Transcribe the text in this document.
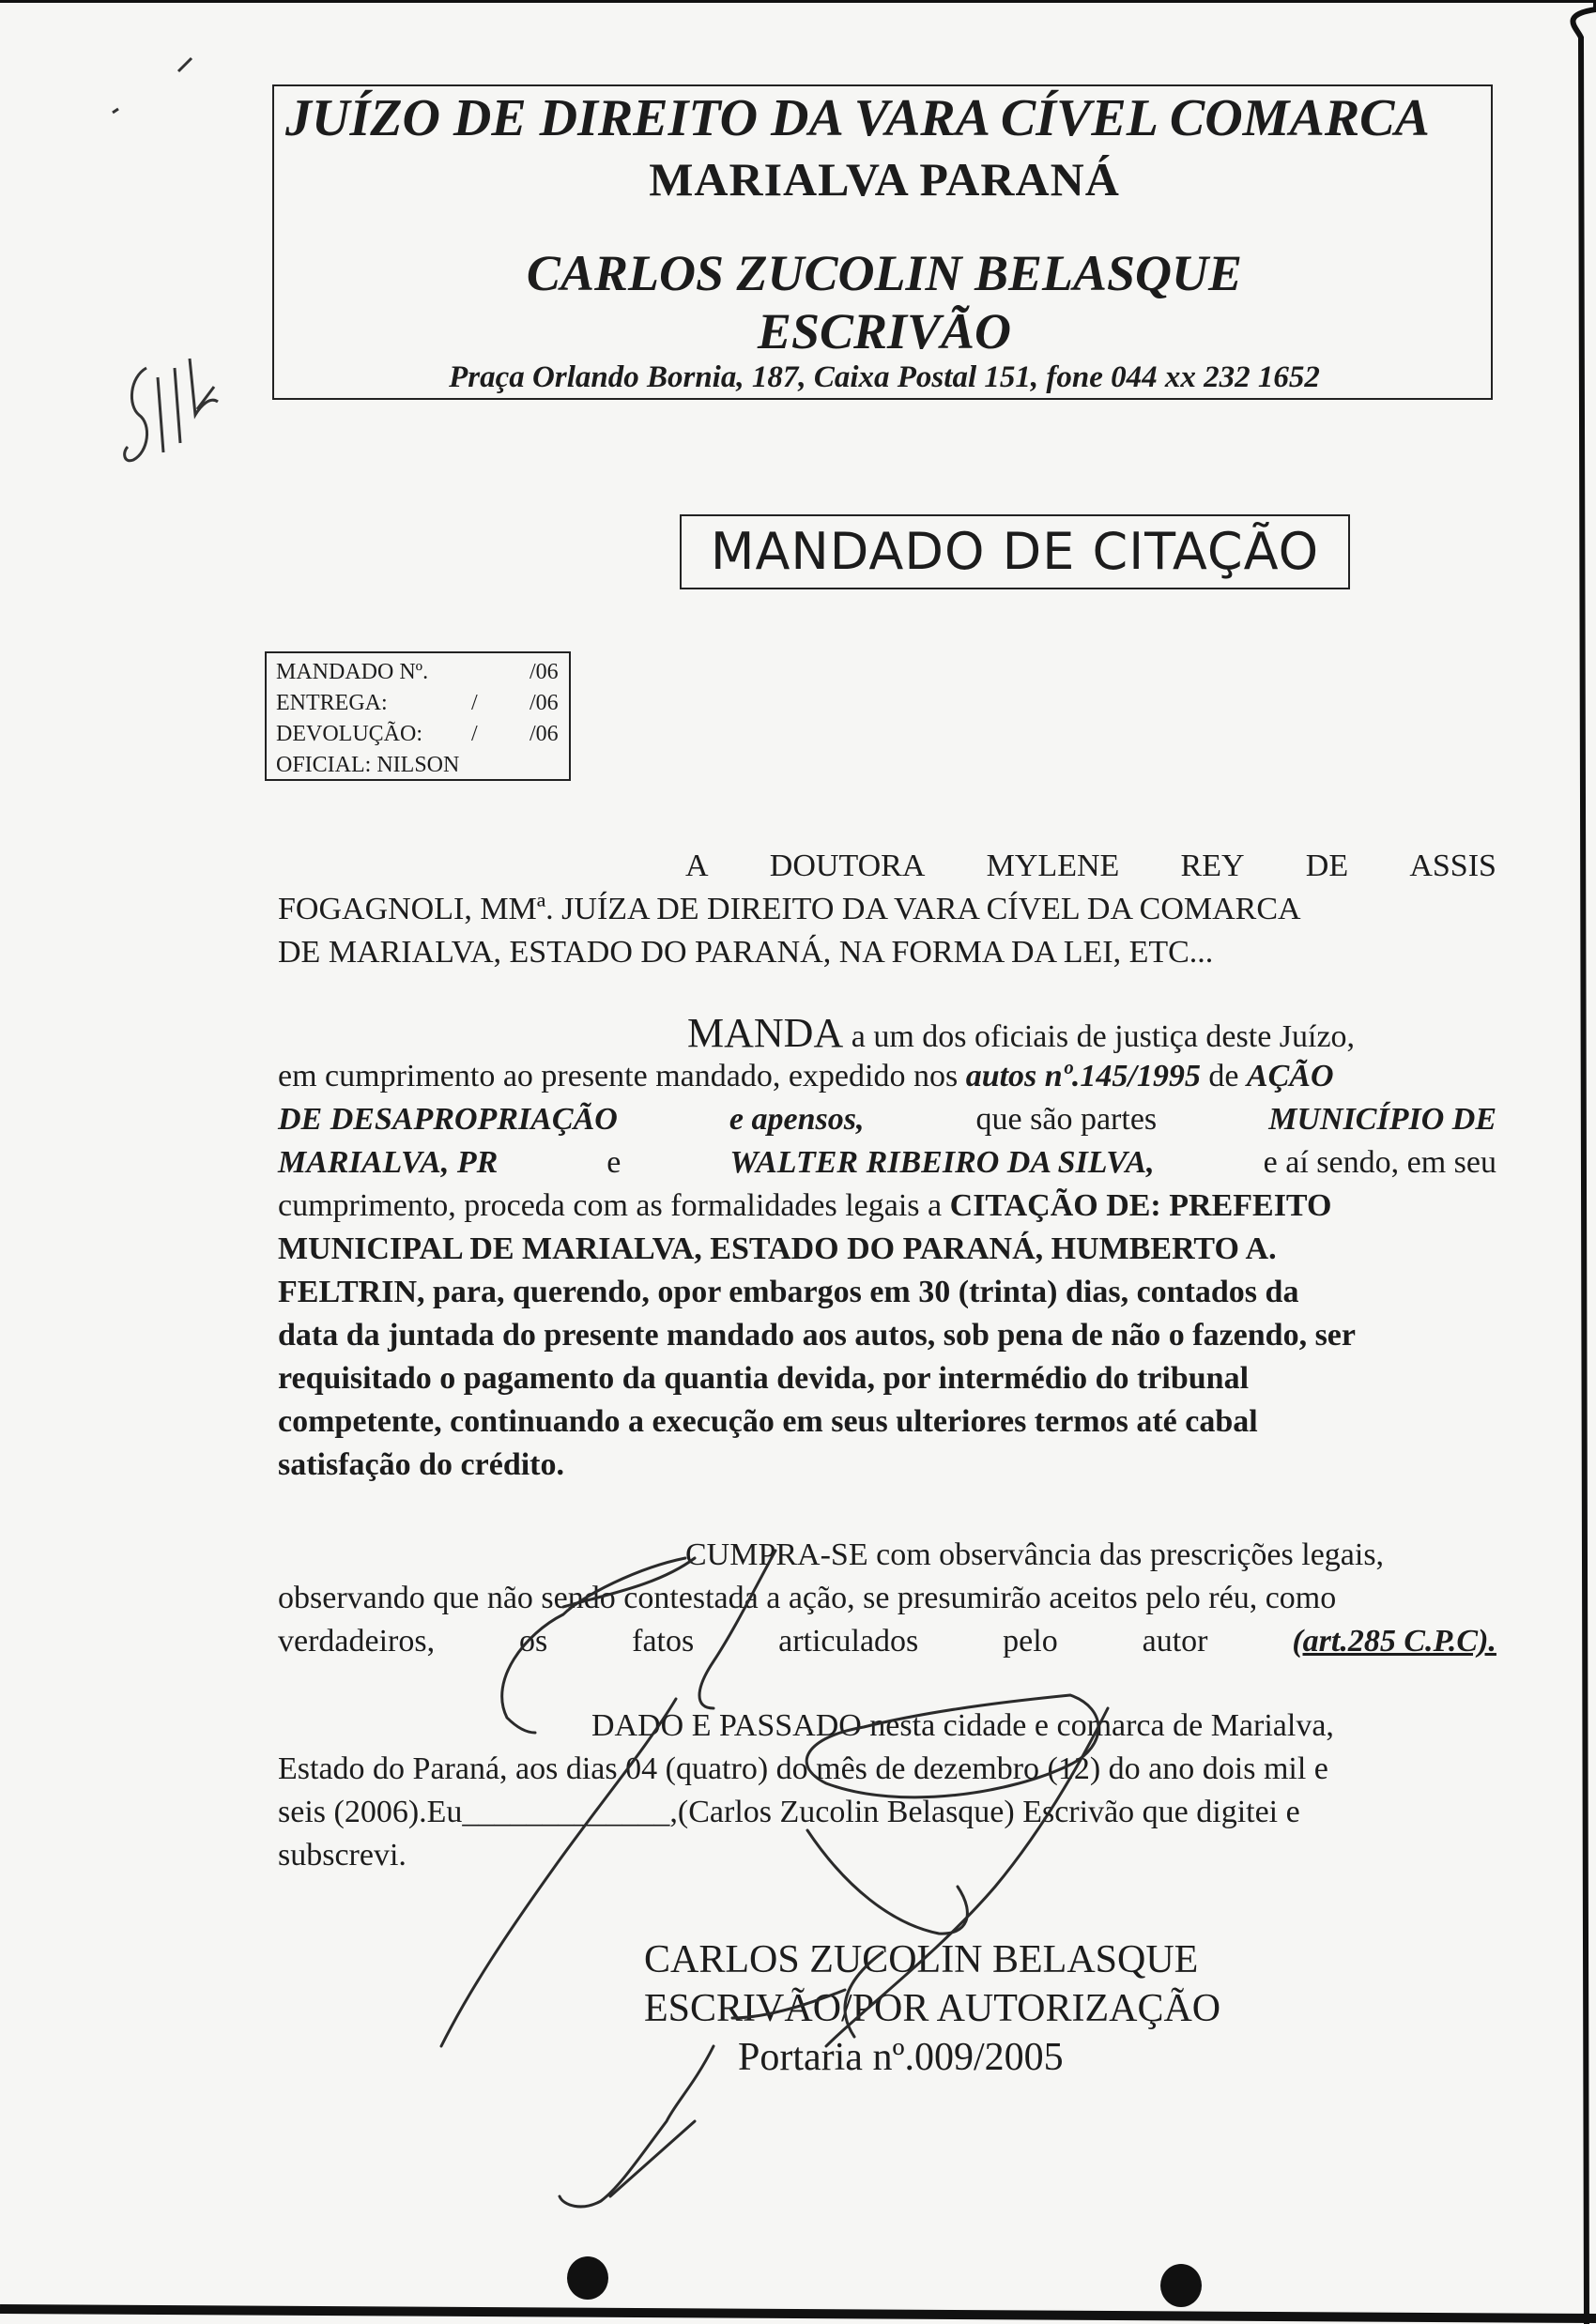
JUÍZO DE DIREITO DA VARA CÍVEL COMARCA
MARIALVA PARANÁ
CARLOS ZUCOLIN BELASQUE
ESCRIVÃO
Praça Orlando Bornia, 187, Caixa Postal 151, fone 044 xx 232 1652
MANDADO DE CITAÇÃO
MANDADO Nº.	/06
ENTREGA:	/ /06
DEVOLUÇÃO: / /06
OFICIAL: NILSON
A DOUTORA MYLENE REY DE ASSIS
FOGAGNOLI, MMª. JUÍZA DE DIREITO DA VARA CÍVEL DA COMARCA
DE MARIALVA, ESTADO DO PARANÁ, NA FORMA DA LEI, ETC...
MANDA a um dos oficiais de justiça deste Juízo,
em cumprimento ao presente mandado, expedido nos autos nº.145/1995 de AÇÃO
DE DESAPROPRIAÇÃO	e apensos,	que são partes	MUNICÍPIO DE
MARIALVA, PR	e	WALTER RIBEIRO DA SILVA,	e aí sendo, em seu
cumprimento, proceda com as formalidades legais a CITAÇÃO DE: PREFEITO
MUNICIPAL DE MARIALVA, ESTADO DO PARANÁ, HUMBERTO A.
FELTRIN, para, querendo, opor embargos em 30 (trinta) dias, contados da
data da juntada do presente mandado aos autos, sob pena de não o fazendo, ser
requisitado o pagamento da quantia devida, por intermédio do tribunal
competente, continuando a execução em seus ulteriores termos até cabal
satisfação do crédito.
CUMPRA-SE com observância das prescrições legais,
observando que não sendo contestada a ação, se presumirão aceitos pelo réu, como
verdadeiros,	os	fatos	articulados	pelo	autor	(art.285 C.P.C).
DADO E PASSADO nesta cidade e comarca de Marialva,
Estado do Paraná, aos dias 04 (quatro) do mês de dezembro (12) do ano dois mil e
seis (2006).Eu_____________,(Carlos Zucolin Belasque) Escrivão que digitei e
subscrevi.
CARLOS ZUCOLIN BELASQUE
ESCRIVÃO/POR AUTORIZAÇÃO
Portaria nº.009/2005
